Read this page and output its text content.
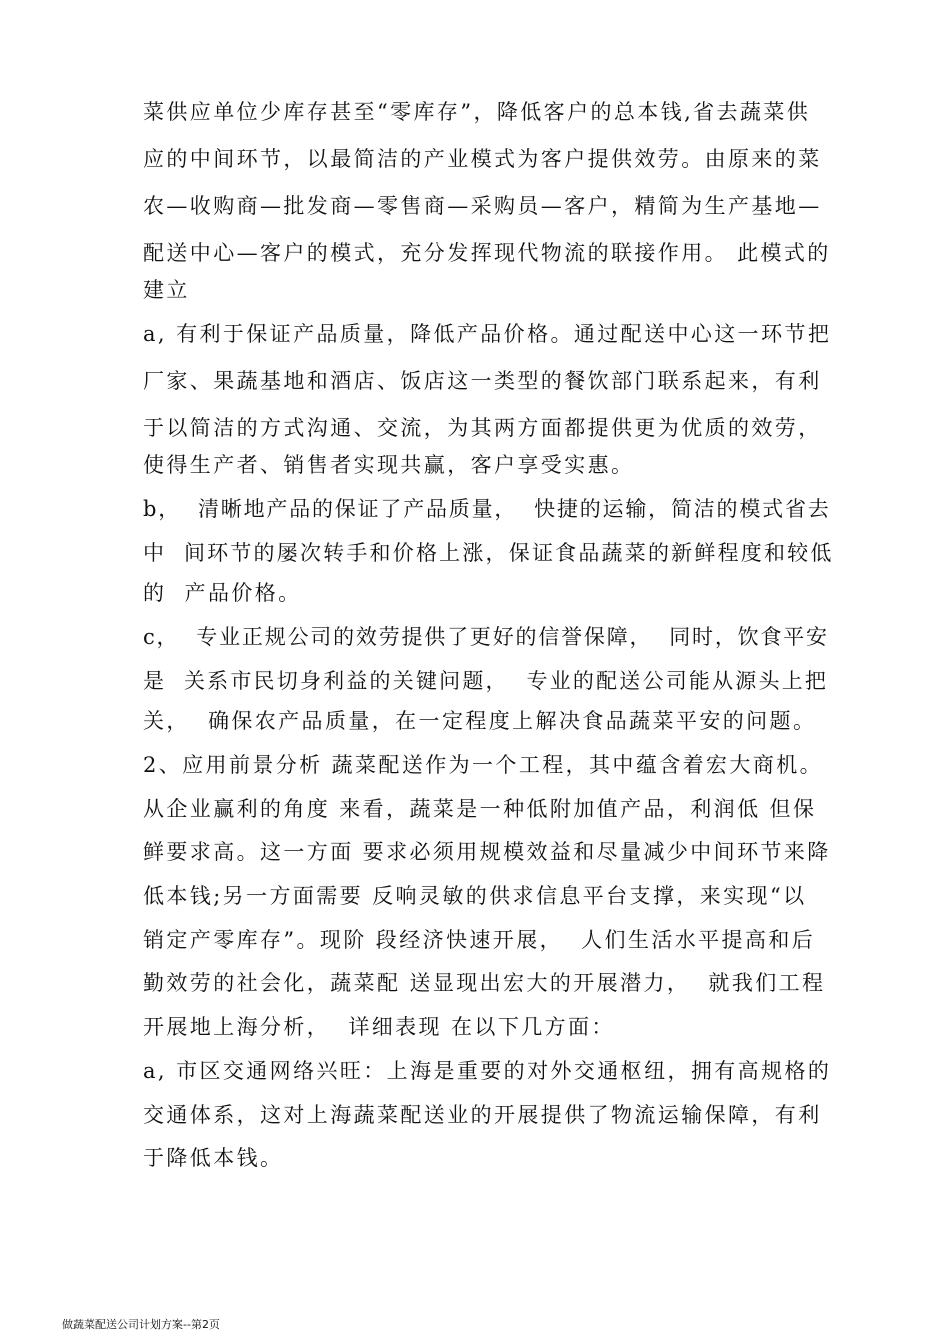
菜供应单位少库存甚至“零库存”，降低客户的总本钱,省去蔬菜供
应的中间环节，以最简洁的产业模式为客户提供效劳。由原来的菜
农—收购商—批发商—零售商—采购员—客户，精简为生产基地—
配送中心—客户的模式，充分发挥现代物流的联接作用。 此模式的
建立
a, 有利于保证产品质量，降低产品价格。通过配送中心这一环节把
厂家、果蔬基地和酒店、饭店这一类型的餐饮部门联系起来，有利
于以简洁的方式沟通、交流，为其两方面都提供更为优质的效劳，
使得生产者、销售者实现共赢，客户享受实惠。
b，  清晰地产品的保证了产品质量，  快捷的运输，简洁的模式省去
中  间环节的屡次转手和价格上涨，保证食品蔬菜的新鲜程度和较低
的  产品价格。
c，  专业正规公司的效劳提供了更好的信誉保障，  同时，饮食平安
是  关系市民切身利益的关键问题，  专业的配送公司能从源头上把
关，  确保农产品质量，在一定程度上解决食品蔬菜平安的问题。
2、应用前景分析 蔬菜配送作为一个工程，其中蕴含着宏大商机。
从企业赢利的角度 来看，蔬菜是一种低附加值产品，利润低 但保
鲜要求高。这一方面 要求必须用规模效益和尽量减少中间环节来降
低本钱;另一方面需要 反响灵敏的供求信息平台支撑，来实现“以
销定产零库存”。现阶 段经济快速开展，  人们生活水平提高和后
勤效劳的社会化，蔬菜配 送显现出宏大的开展潜力，  就我们工程
开展地上海分析，  详细表现 在以下几方面：
a, 市区交通网络兴旺：上海是重要的对外交通枢纽，拥有高规格的
交通体系，这对上海蔬菜配送业的开展提供了物流运输保障，有利
于降低本钱。
做蔬菜配送公司计划方案--第2页
